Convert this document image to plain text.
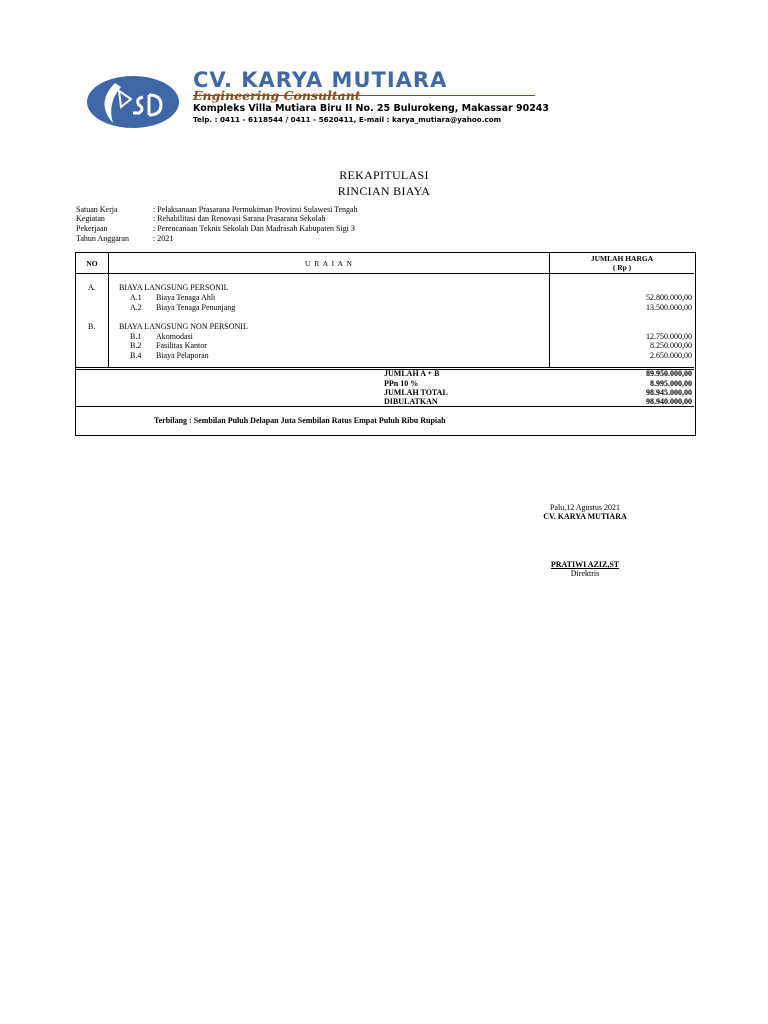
CV. KARYA MUTIARA
Engineering Consultant
Kompleks Villa Mutiara Biru II No. 25 Bulurokeng, Makassar 90243
Telp. : 0411 - 6118544 / 0411 - 5620411, E-mail : karya_mutiara@yahoo.com
REKAPITULASI
RINCIAN BIAYA
Satuan Kerja	: Pelaksanaan Prasarana Permukiman Provinsi Sulawesi Tengah
Kegiatan	: Rehabilitasi dan Renovasi Sarana Prasarana Sekolah
Pekerjaan	: Perencanaan Teknis Sekolah Dan Madrasah Kabupaten Sigi 3
Tahun Anggaran	: 2021
NO	U R A I A N
JUMLAH HARGA
( Rp )
A.	BIAYA LANGSUNG PERSONIL
A.1 Biaya Tenaga Ahli	52.800.000,00
A.2 Biaya Tenaga Penunjang	13.500.000,00
B.	BIAYA LANGSUNG NON PERSONIL
B.1 Akomodasi	12.750.000,00
B.2 Fasilitas Kantor	8.250.000,00
B.4 Biaya Pelaporan	2.650.000,00
JUMLAH A + B	89.950.000,00
PPn 10 %	8.995.000,00
JUMLAH TOTAL	98.945.000,00
DIBULATKAN	98.940.000,00
Terbilang : Sembilan Puluh Delapan Juta Sembilan Ratus Empat Puluh Ribu Rupiah
Palu,12 Agustus 2021
CV. KARYA MUTIARA
PRATIWI AZIZ,ST
Direktris
